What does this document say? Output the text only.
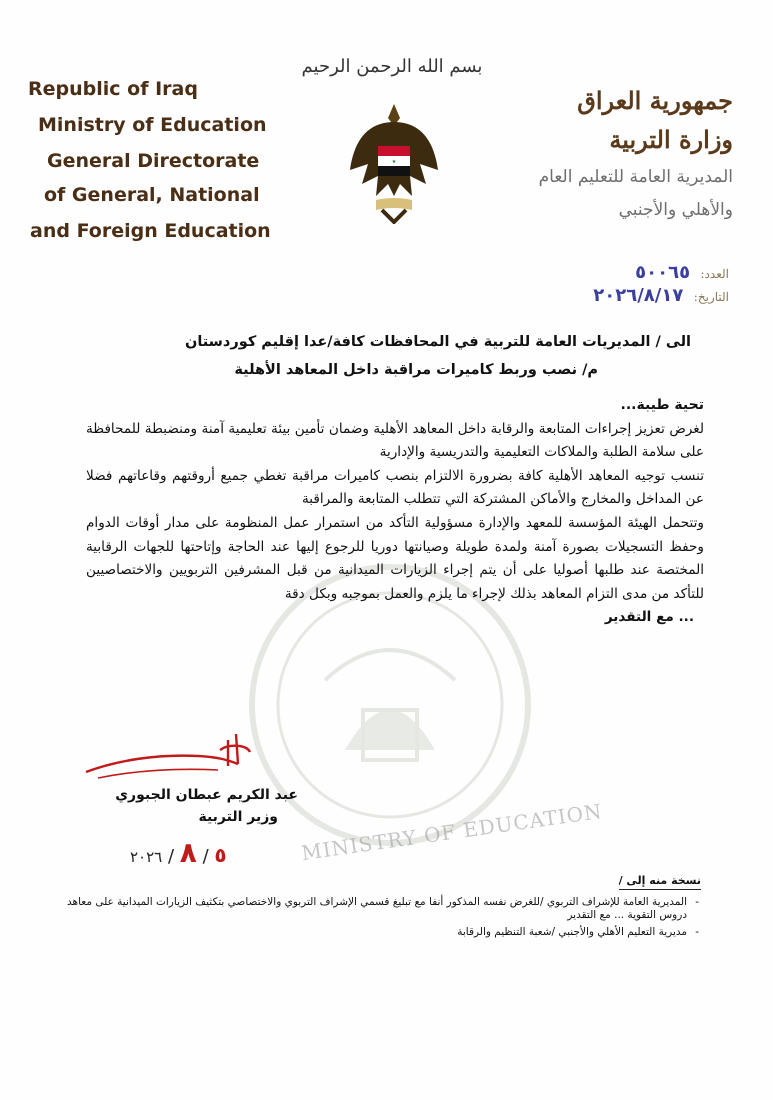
MINISTRY OF EDUCATION
Republic of Iraq
Ministry of Education
General Directorate
of General, National
and Foreign Education
بسم الله الرحمن الرحيم
★
جمهورية العراق
وزارة التربية
المديرية العامة للتعليم العام
والأهلي والأجنبي
العدد: ٥٠٠٦٥
التاريخ: ٢٠٢٦/٨/١٧
الى / المديريات العامة للتربية في المحافظات كافة/عدا إقليم كوردستان
م/ نصب وربط كاميرات مراقبة داخل المعاهد الأهلية
تحية طيبة...
لغرض تعزيز إجراءات المتابعة والرقابة داخل المعاهد الأهلية وضمان تأمين بيئة تعليمية آمنة ومنضبطة للمحافظة على سلامة الطلبة والملاكات التعليمية والتدريسية والإدارية
تنسب توجيه المعاهد الأهلية كافة بضرورة الالتزام بنصب كاميرات مراقبة تغطي جميع أروقتهم وقاعاتهم فضلا عن المداخل والمخارج والأماكن المشتركة التي تتطلب المتابعة والمراقبة
وتتحمل الهيئة المؤسسة للمعهد والإدارة مسؤولية التأكد من استمرار عمل المنظومة على مدار أوقات الدوام وحفظ التسجيلات بصورة آمنة ولمدة طويلة وصيانتها دوريا للرجوع إليها عند الحاجة وإتاحتها للجهات الرقابية المختصة عند طلبها أصوليا على أن يتم إجراء الزيارات الميدانية من قبل المشرفين التربويين والاختصاصيين للتأكد من مدى التزام المعاهد بذلك لإجراء ما يلزم والعمل بموجبه وبكل دقة
... مع التقدير
عبد الكريم عبطان الجبوري
وزير التربية
٥ / ٨ / ٢٠٢٦
نسخة منه إلى /
- المديرية العامة للإشراف التربوي /للغرض نفسه المذكور أنفا مع تبليغ قسمي الإشراف التربوي والاختصاصي بتكثيف الزيارات الميدانية على معاهد دروس التقوية ... مع التقدير
- مديرية التعليم الأهلي والأجنبي /شعبة التنظيم والرقابة
